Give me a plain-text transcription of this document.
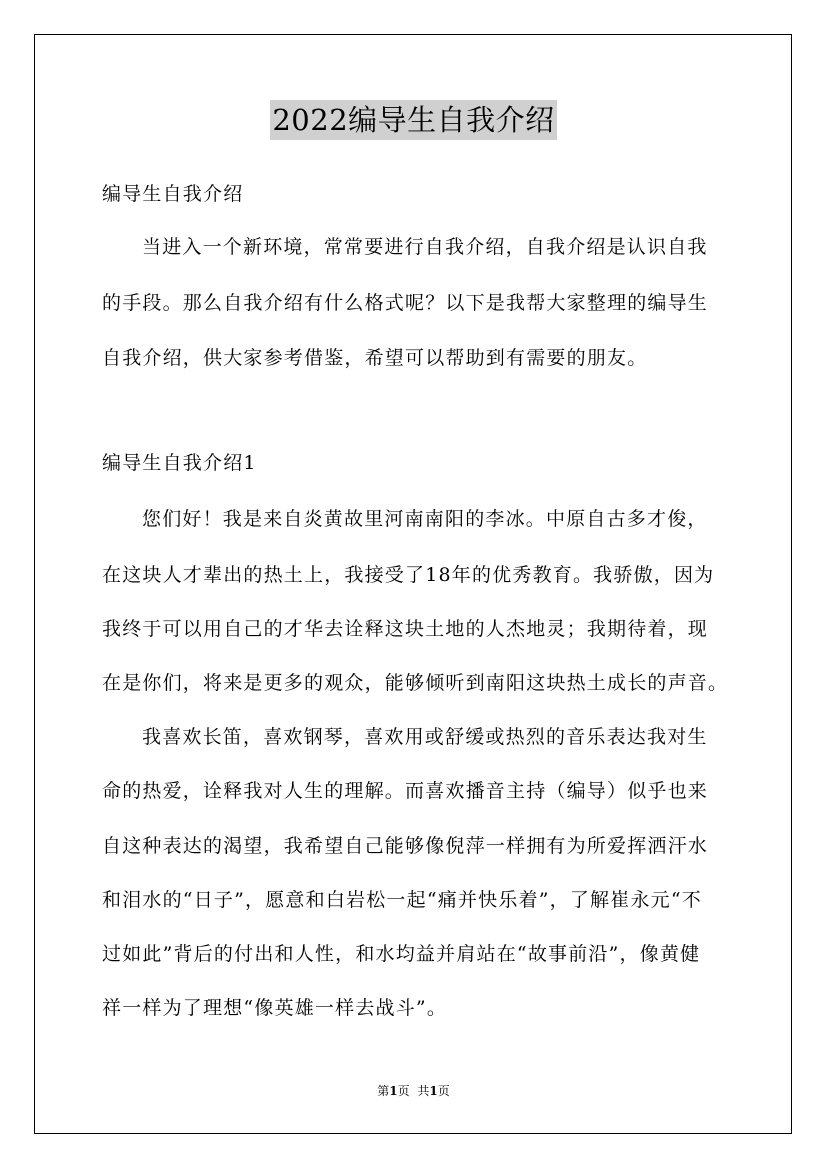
2022编导生自我介绍
编导生自我介绍
当进入一个新环境，常常要进行自我介绍，自我介绍是认识自我
的手段。那么自我介绍有什么格式呢？以下是我帮大家整理的编导生
自我介绍，供大家参考借鉴，希望可以帮助到有需要的朋友。
编导生自我介绍1
您们好！我是来自炎黄故里河南南阳的李冰。中原自古多才俊，
在这块人才辈出的热土上，我接受了18年的优秀教育。我骄傲，因为
我终于可以用自己的才华去诠释这块土地的人杰地灵；我期待着，现
在是你们，将来是更多的观众，能够倾听到南阳这块热土成长的声音。
我喜欢长笛，喜欢钢琴，喜欢用或舒缓或热烈的音乐表达我对生
命的热爱，诠释我对人生的理解。而喜欢播音主持（编导）似乎也来
自这种表达的渴望，我希望自己能够像倪萍一样拥有为所爱挥洒汗水
和泪水的“日子”，愿意和白岩松一起“痛并快乐着”，了解崔永元“不
过如此”背后的付出和人性，和水均益并肩站在“故事前沿”，像黄健
祥一样为了理想“像英雄一样去战斗”。
第1页 共1页
